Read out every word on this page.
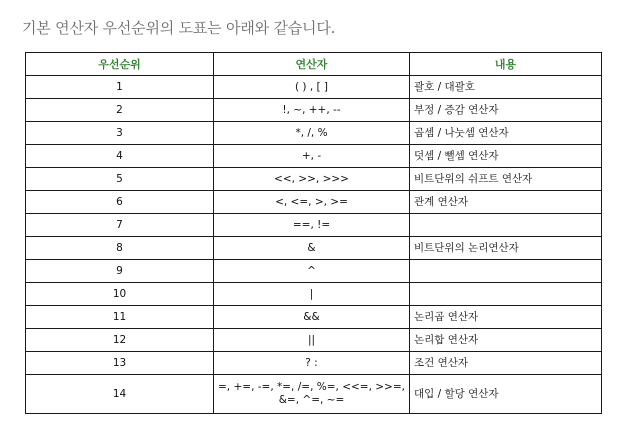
기본 연산자 우선순위의 도표는 아래와 같습니다.
우선순위	연산자	내용
1	( ) , [ ]	괄호 / 대괄호
2	!, ~, ++, --	부정 / 증감 연산자
3	*, /, %	곱셈 / 나눗셈 연산자
4	+, -	덧셈 / 뺄셈 연산자
5	<<, >>, >>>	비트단위의 쉬프트 연산자
6	<, <=, >, >=	관계 연산자
7	==, !=	
8	&	비트단위의 논리연산자
9	^	
10	|	
11	&&	논리곱 연산자
12	||	논리합 연산자
13	? :	조건 연산자
14	=, +=, -=, *=, /=, %=, <<=, >>=,
&=, ^=, ~=	대입 / 할당 연산자
